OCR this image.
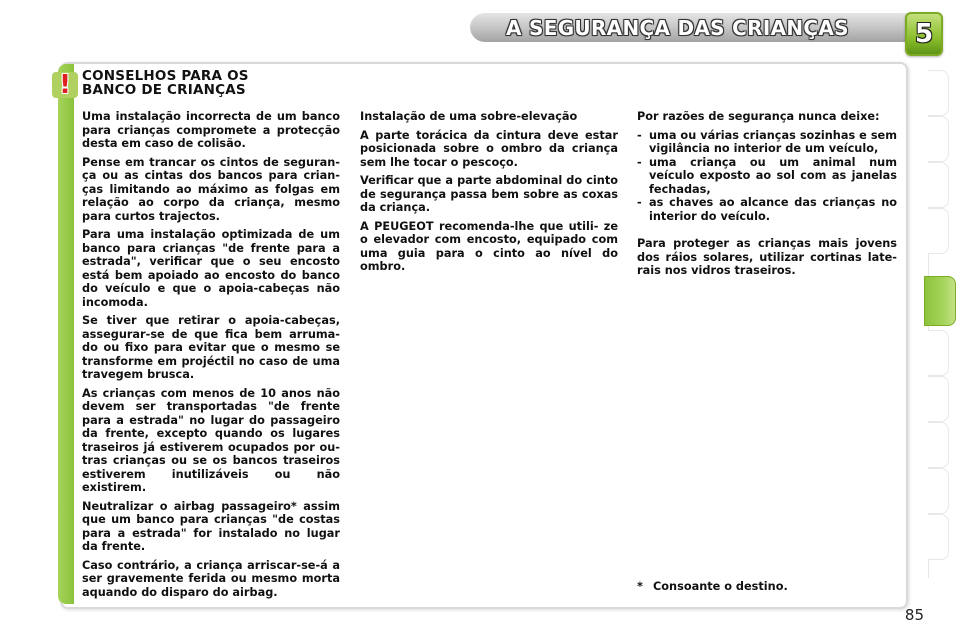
A SEGURANÇA DAS CRIANÇAS	5
! CONSELHOS PARA OS
BANCO DE CRIANÇAS

Uma instalação incorrecta de um banco para crianças compromete a protecção desta em caso de colisão.

Pense em trancar os cintos de seguran- ça ou as cintas dos bancos para crian- ças limitando ao máximo as folgas em relação ao corpo da criança, mesmo para curtos trajectos.

Para uma instalação optimizada de um banco para crianças "de frente para a estrada", verificar que o seu encosto está bem apoiado ao encosto do banco do veículo e que o apoia-cabeças não incomoda.

Se tiver que retirar o apoia-cabeças, assegurar-se de que fica bem arruma- do ou fixo para evitar que o mesmo se transforme em projéctil no caso de uma travegem brusca.

As crianças com menos de 10 anos não devem ser transportadas "de frente para a estrada" no lugar do passageiro da frente, excepto quando os lugares traseiros já estiverem ocupados por ou- tras crianças ou se os bancos traseiros estiverem inutilizáveis ou não existirem.

Neutralizar o airbag passageiro* assim que um banco para crianças "de costas para a estrada" for instalado no lugar da frente.

Caso contrário, a criança arriscar-se-á a ser gravemente ferida ou mesmo morta aquando do disparo do airbag.

Instalação de uma sobre-elevação

A parte torácica da cintura deve estar posicionada sobre o ombro da criança sem lhe tocar o pescoço.

Verificar que a parte abdominal do cinto de segurança passa bem sobre as coxas da criança.

A PEUGEOT recomenda-lhe que utili- ze o elevador com encosto, equipado com uma guia para o cinto ao nível do ombro.

Por razões de segurança nunca deixe:

- uma ou várias crianças sozinhas e sem vigilância no interior de um veículo,
- uma criança ou um animal num veículo exposto ao sol com as janelas fechadas,
- as chaves ao alcance das crianças no interior do veículo.

Para proteger as crianças mais jovens dos ráios solares, utilizar cortinas late- rais nos vidros traseiros.

* Consoante o destino.
85
